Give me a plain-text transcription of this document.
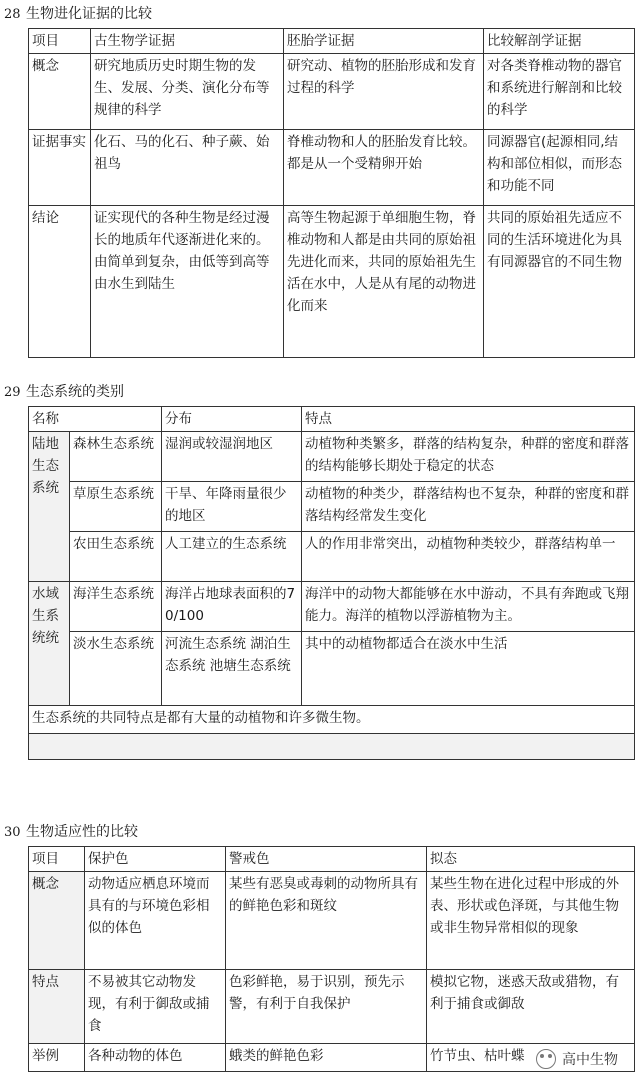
28 生物进化证据的比较
项目	古生物学证据	胚胎学证据	比较解剖学证据
概念	研究地质历史时期生物的发生、发展、分类、演化分布等规律的科学	研究动、植物的胚胎形成和发育过程的科学	对各类脊椎动物的器官和系统进行解剖和比较的科学
证据事实	化石、马的化石、种子蕨、始祖鸟	脊椎动物和人的胚胎发育比较。都是从一个受精卵开始	同源器官(起源相同,结构和部位相似，而形态和功能不同
结论	证实现代的各种生物是经过漫长的地质年代逐渐进化来的。由简单到复杂，由低等到高等由水生到陆生	高等生物起源于单细胞生物，脊椎动物和人都是由共同的原始祖先进化而来，共同的原始祖先生活在水中，人是从有尾的动物进化而来	共同的原始祖先适应不同的生活环境进化为具有同源器官的不同生物
29 生态系统的类别
名称		分布	特点
陆地生态系统	森林生态系统	湿润或较湿润地区	动植物种类繁多，群落的结构复杂，种群的密度和群落的结构能够长期处于稳定的状态
	草原生态系统	干旱、年降雨量很少的地区	动植物的种类少，群落结构也不复杂，种群的密度和群落结构经常发生变化
	农田生态系统	人工建立的生态系统	人的作用非常突出，动植物种类较少，群落结构单一
水域生系统统	海洋生态系统	海洋占地球表面积的70/100	海洋中的动物大都能够在水中游动，不具有奔跑或飞翔能力。海洋的植物以浮游植物为主。
	淡水生态系统	河流生态系统 湖泊生态系统 池塘生态系统	其中的动植物都适合在淡水中生活
生态系统的共同特点是都有大量的动植物和许多微生物。			

30 生物适应性的比较
项目	保护色	警戒色	拟态
概念	动物适应栖息环境而具有的与环境色彩相似的体色	某些有恶臭或毒刺的动物所具有的鲜艳色彩和斑纹	某些生物在进化过程中形成的外表、形状或色泽斑，与其他生物或非生物异常相似的现象
特点	不易被其它动物发现，有利于御敌或捕食	色彩鲜艳，易于识别，预先示警，有利于自我保护	模拟它物，迷惑天敌或猎物，有利于捕食或御敌
举例	各种动物的体色	蛾类的鲜艳色彩	竹节虫、枯叶蝶	高中生物
